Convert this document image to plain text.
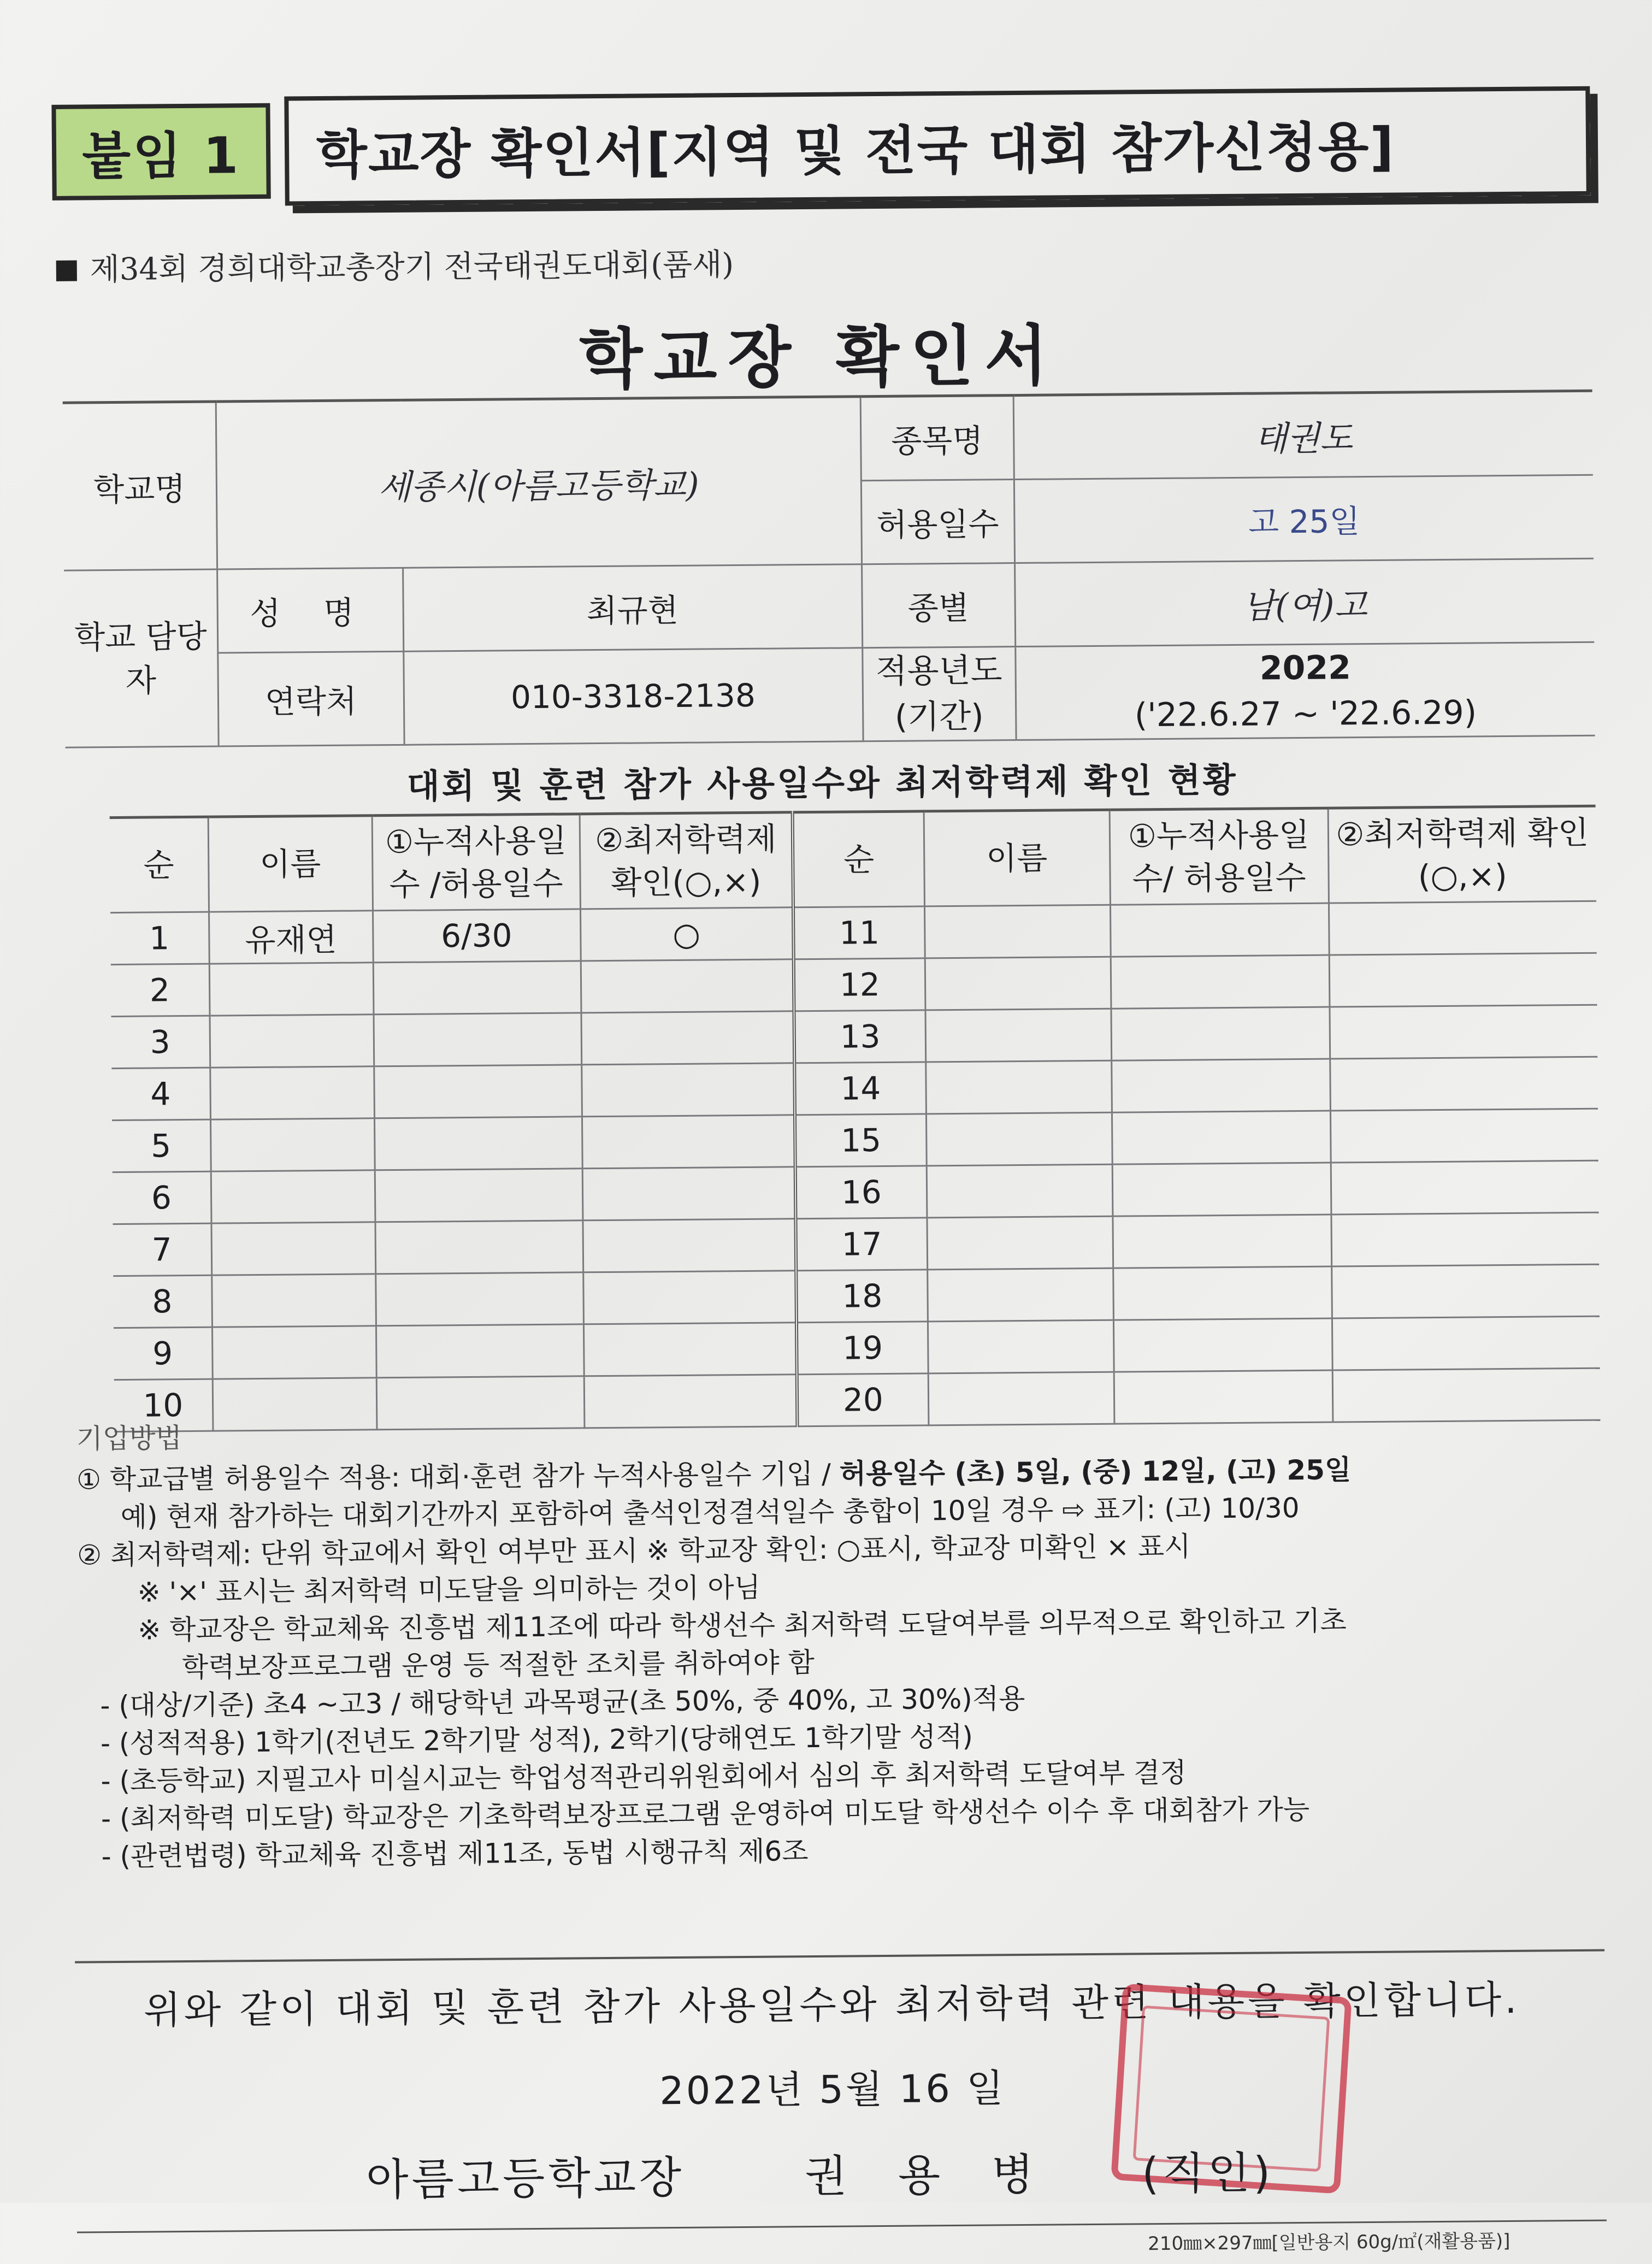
붙임 1	학교장 확인서[지역 및 전국 대회 참가신청용]
제34회 경희대학교총장기 전국태권도대회(품새)
학교장 확인서
학교명	세종시(아름고등학교)		종목명	태권도
			허용일수	고 25일
학교 담당자	성 명	최규현	종별	남(여)고
	연락처	010-3318-2138	적용년도 (기간)	2022
('22.6.27 ~ '22.6.29)
대회 및 훈련 참가 사용일수와 최저학력제 확인 현황
순	이름	①누적사용일수 /허용일수	②최저학력제 확인(○,×)	순	이름	①누적사용일수/ 허용일수	②최저학력제 확인(○,×)
1	유재연	6/30	○	11			
2				12			
3				13			
4				14			
5				15			
6				16			
7				17			
8				18			
9				19			
10				20			
기입방법
① 학교급별 허용일수 적용: 대회·훈련 참가 누적사용일수 기입 / 허용일수 (초) 5일, (중) 12일, (고) 25일
예) 현재 참가하는 대회기간까지 포함하여 출석인정결석일수 총합이 10일 경우 ⇨ 표기: (고) 10/30
② 최저학력제: 단위 학교에서 확인 여부만 표시 ※ 학교장 확인: ○표시, 학교장 미확인 × 표시
※ '×' 표시는 최저학력 미도달을 의미하는 것이 아님
※ 학교장은 학교체육 진흥법 제11조에 따라 학생선수 최저학력 도달여부를 의무적으로 확인하고 기초
학력보장프로그램 운영 등 적절한 조치를 취하여야 함
- (대상/기준) 초4 ~고3 / 해당학년 과목평균(초 50%, 중 40%, 고 30%)적용
- (성적적용) 1학기(전년도 2학기말 성적), 2학기(당해연도 1학기말 성적)
- (초등학교) 지필고사 미실시교는 학업성적관리위원회에서 심의 후 최저학력 도달여부 결정
- (최저학력 미도달) 학교장은 기초학력보장프로그램 운영하여 미도달 학생선수 이수 후 대회참가 가능
- (관련법령) 학교체육 진흥법 제11조, 동법 시행규칙 제6조
위와 같이 대회 및 훈련 참가 사용일수와 최저학력 관련 내용을 확인합니다.
2022년 5월 16 일
아름고등학교장	권 용 병 (직인)
210㎜×297㎜[일반용지 60g/㎡(재활용품)]
